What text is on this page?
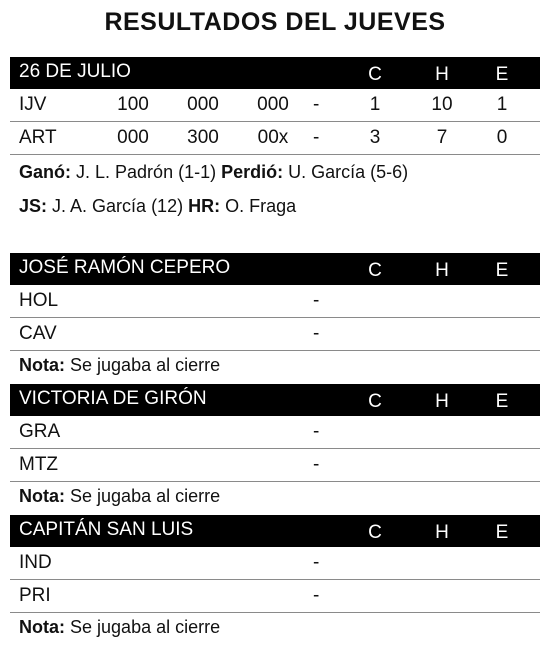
RESULTADOS DEL JUEVES
26 DE JULIO	C	H	E
IJV	100	000	000	-	1	10	1
ART	000	300	00x	-	3	7	0
Ganó: J. L. Padrón (1-1) Perdió: U. García (5-6)
JS: J. A. García (12) HR: O. Fraga
JOSÉ RAMÓN CEPERO	C	H	E
HOL	-
CAV	-
Nota: Se jugaba al cierre
VICTORIA DE GIRÓN	C	H	E
GRA	-
MTZ	-
Nota: Se jugaba al cierre
CAPITÁN SAN LUIS	C	H	E
IND	-
PRI	-
Nota: Se jugaba al cierre
